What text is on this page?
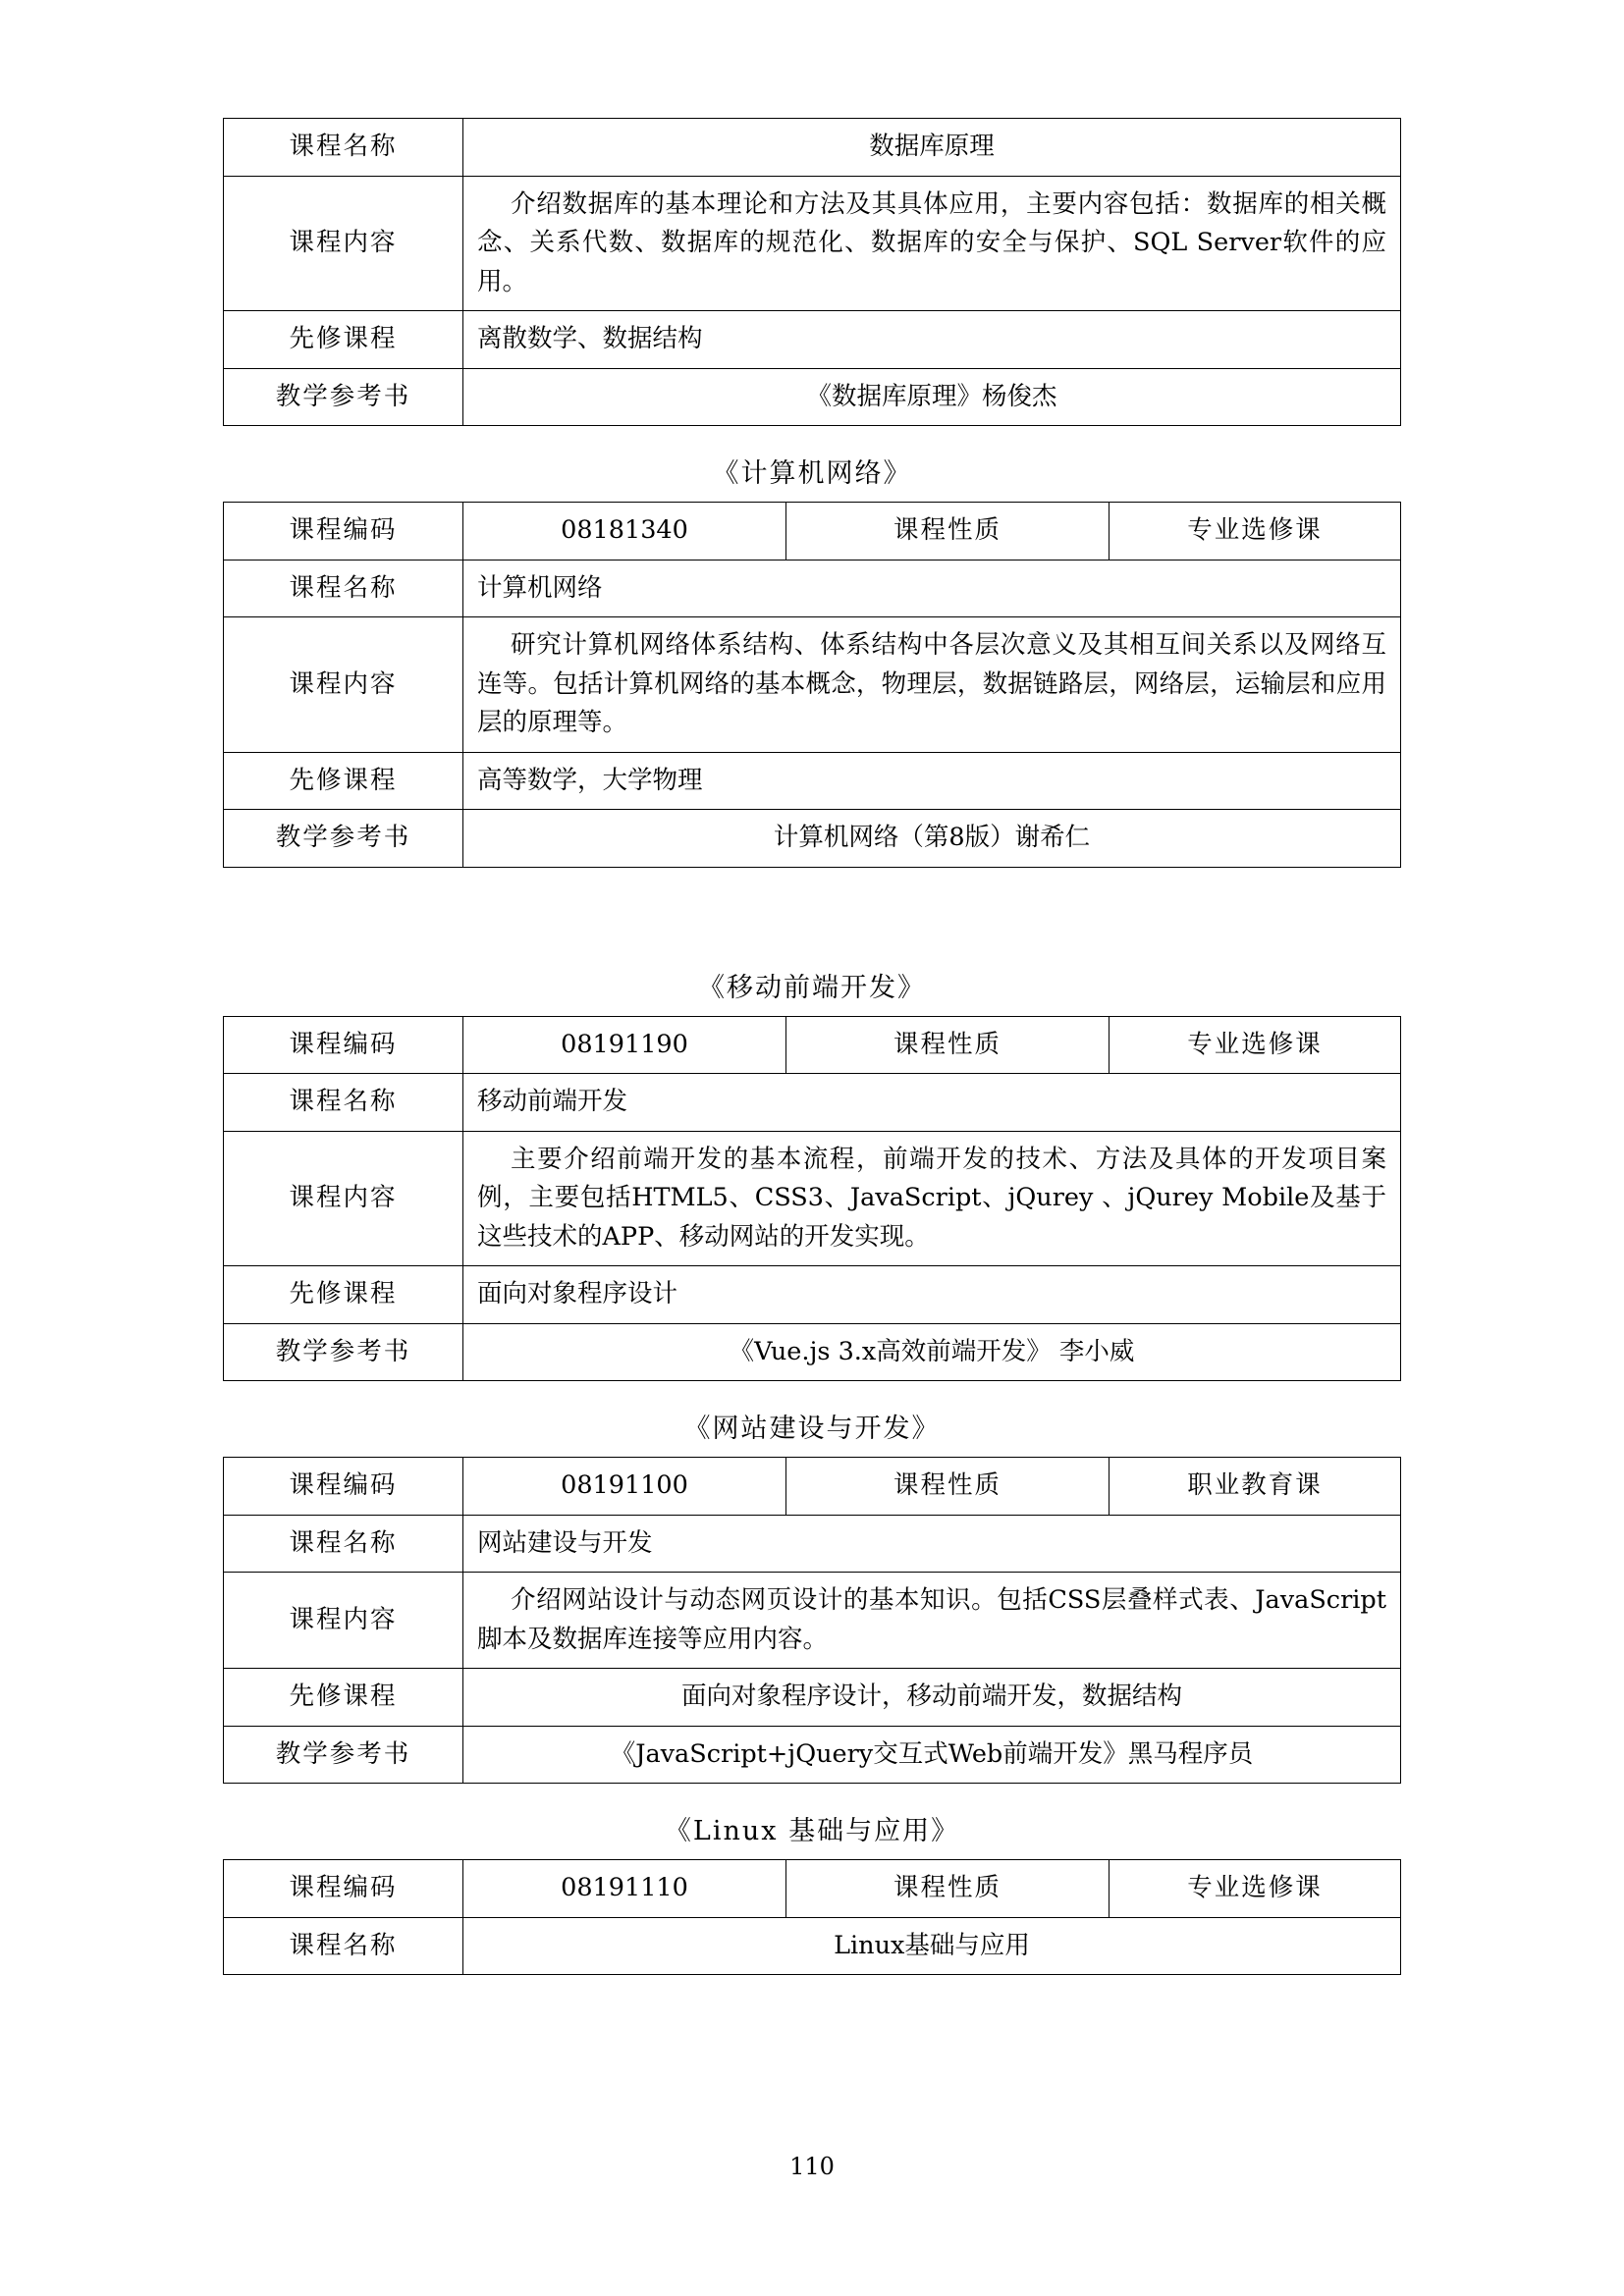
课程名称	数据库原理
课程内容	介绍数据库的基本理论和方法及其具体应用，主要内容包括：数据库的相关概念、关系代数、数据库的规范化、数据库的安全与保护、SQL Server软件的应用。

先修课程	离散数学、数据结构
教学参考书	《数据库原理》杨俊杰
《计算机网络》
课程编码	08181340	课程性质	专业选修课
课程名称	计算机网络		
课程内容	研究计算机网络体系结构、体系结构中各层次意义及其相互间关系以及网络互连等。包括计算机网络的基本概念，物理层，数据链路层，网络层，运输层和应用层的原理等。		

先修课程	高等数学，大学物理		
教学参考书	计算机网络（第8版）谢希仁		
《移动前端开发》
课程编码	08191190	课程性质	专业选修课
课程名称	移动前端开发		
课程内容	主要介绍前端开发的基本流程，前端开发的技术、方法及具体的开发项目案例，主要包括HTML5、CSS3、JavaScript、jQurey 、jQurey Mobile及基于这些技术的APP、移动网站的开发实现。		

先修课程	面向对象程序设计		
教学参考书	《Vue.js 3.x高效前端开发》 李小威		
《网站建设与开发》
课程编码	08191100	课程性质	职业教育课
课程名称	网站建设与开发		
课程内容	介绍网站设计与动态网页设计的基本知识。包括CSS层叠样式表、JavaScript脚本及数据库连接等应用内容。		

先修课程	面向对象程序设计，移动前端开发，数据结构		
教学参考书	《JavaScript+jQuery交互式Web前端开发》黑马程序员		
《Linux 基础与应用》
课程编码	08191110	课程性质	专业选修课
课程名称	Linux基础与应用		
110
